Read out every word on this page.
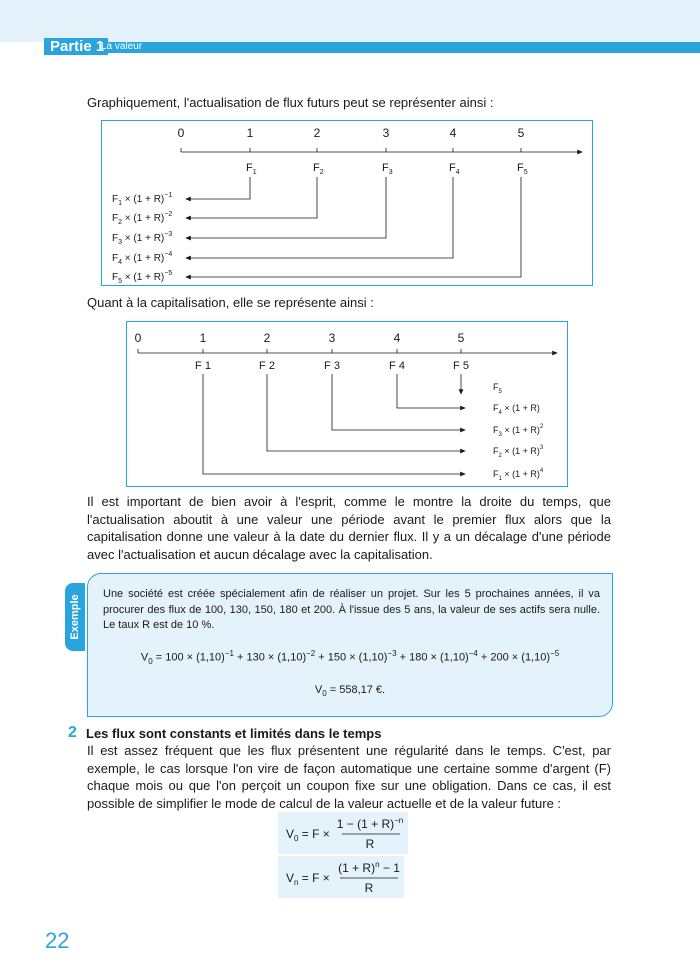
Partie 1
La valeur

Graphiquement, l'actualisation de flux futurs peut se représenter ainsi :

0	1	2	3	4	5
$F_1$	$F_2$	$F_3$	$F_4$	$F_5$
$F_1 \times (1 + R)^{-1}$
$F_2 \times (1 + R)^{-2}$
$F_3 \times (1 + R)^{-3}$
$F_4 \times (1 + R)^{-4}$
$F_5 \times (1 + R)^{-5}$

Quant à la capitalisation, elle se représente ainsi :

0	1	2	3	4	5
F 1	F 2	F 3	F 4	F 5
$F_5$
$F_4 \times (1 + R)$
$F_3 \times (1 + R)^2$
$F_2 \times (1 + R)^3$
$F_1 \times (1 + R)^4$

Il est important de bien avoir à l'esprit, comme le montre la droite du temps, que l'actualisation aboutit à une valeur une période avant le premier flux alors que la capitalisation donne une valeur à la date du dernier flux. Il y a un décalage d'une période avec l'actualisation et aucun décalage avec la capitalisation.

Exemple
Une société est créée spécialement afin de réaliser un projet. Sur les 5 prochaines années, il va procurer des flux de 100, 130, 150, 180 et 200. À l'issue des 5 ans, la valeur de ses actifs sera nulle. Le taux R est de 10 %.
$V_0 = 100 \times (1,10)^{-1} + 130 \times (1,10)^{-2} + 150 \times (1,10)^{-3} + 180 \times (1,10)^{-4} + 200 \times (1,10)^{-5}$
$V_0 = 558,17$ €.
2 Les flux sont constants et limités dans le temps

Il est assez fréquent que les flux présentent une régularité dans le temps. C'est, par exemple, le cas lorsque l'on vire de façon automatique une certaine somme d'argent (F) chaque mois ou que l'on perçoit un coupon fixe sur une obligation. Dans ce cas, il est possible de simplifier le mode de calcul de la valeur actuelle et de la valeur future :

$V_0 = F$ ×
$1 - (1 + R)^{-n}$
R
$V_n = F$ ×
$(1 + R)^n - 1$
R
22
